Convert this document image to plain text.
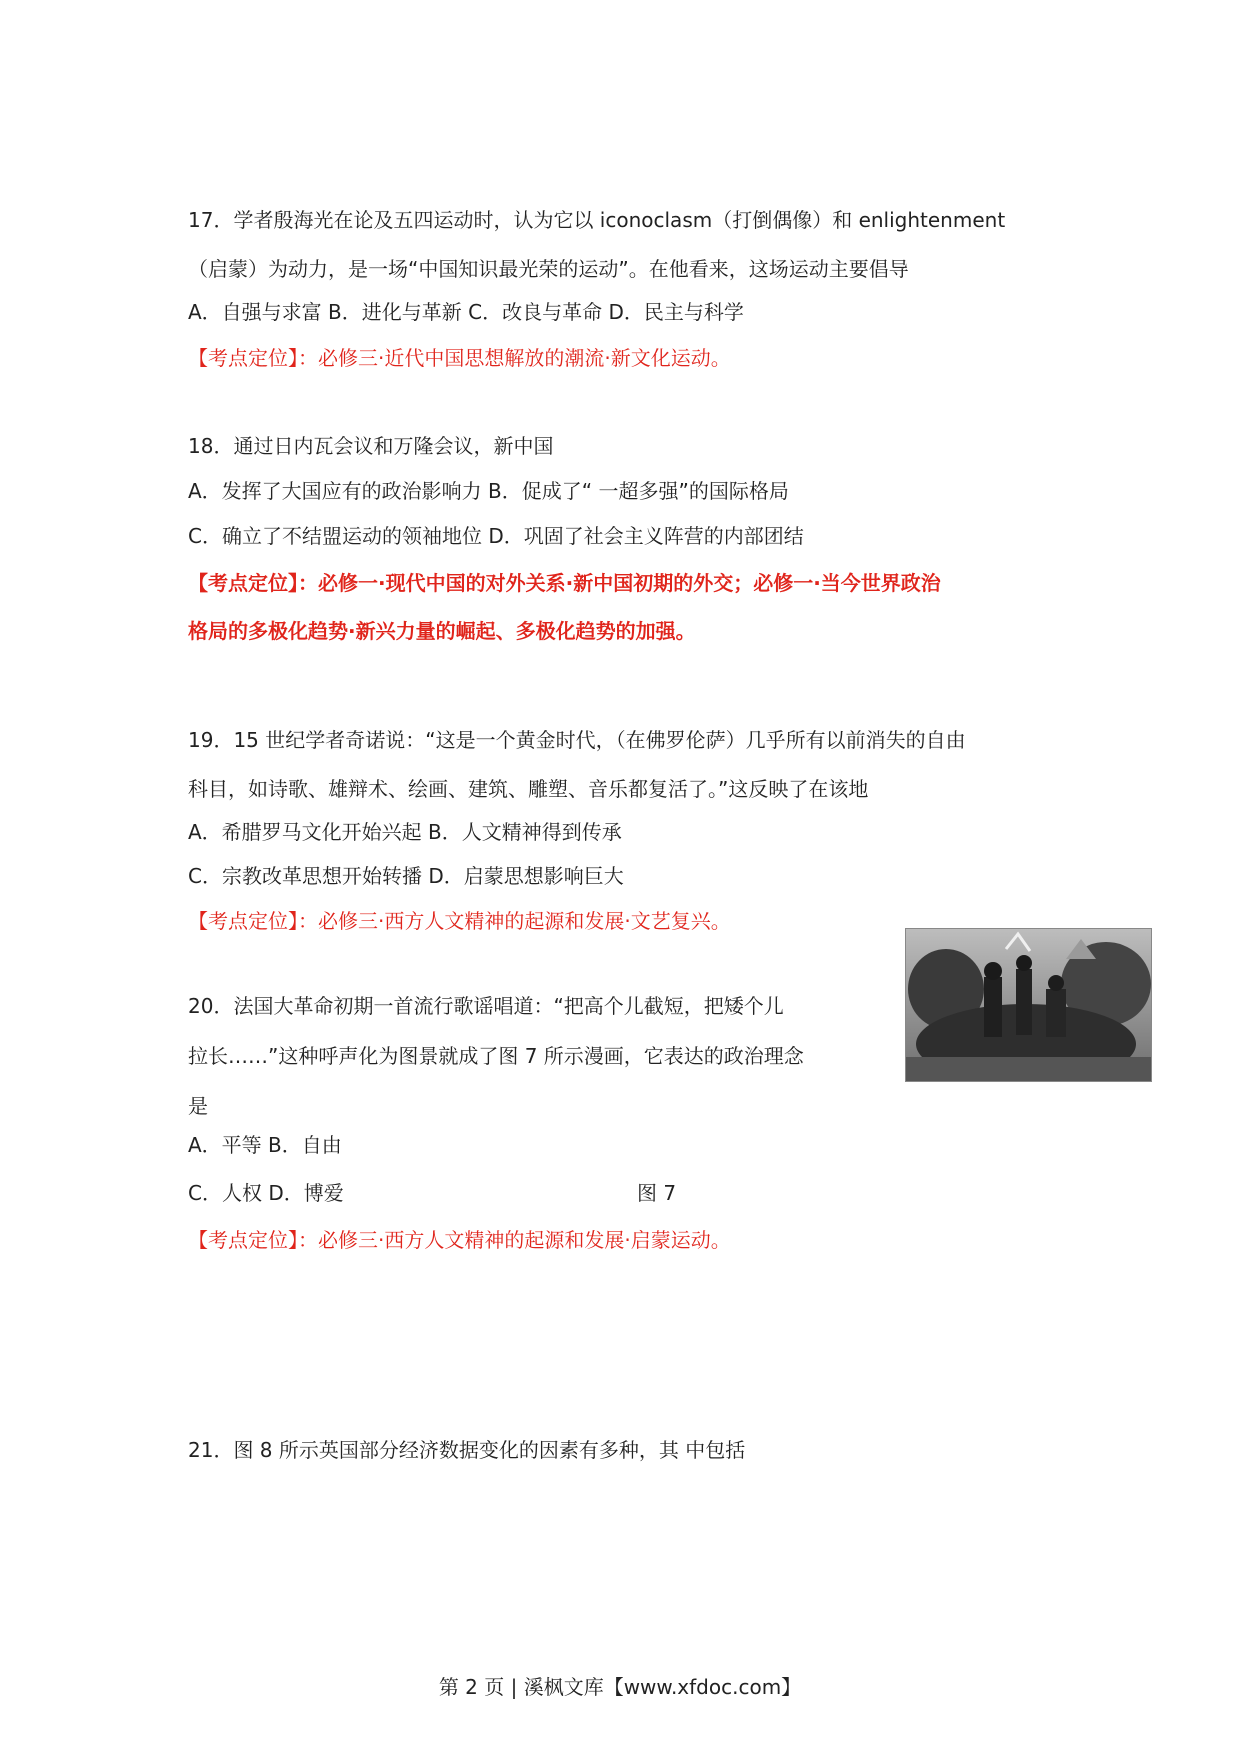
17．学者殷海光在论及五四运动时，认为它以 iconoclasm（打倒偶像）和 enlightenment
（启蒙）为动力，是一场“中国知识最光荣的运动”。在他看来，这场运动主要倡导
A．自强与求富 B．进化与革新 C．改良与革命 D．民主与科学
【考点定位】：必修三·近代中国思想解放的潮流·新文化运动。
18．通过日内瓦会议和万隆会议，新中国
A．发挥了大国应有的政治影响力 B．促成了“ 一超多强”的国际格局
C．确立了不结盟运动的领袖地位 D．巩固了社会主义阵营的内部团结
【考点定位】：必修一·现代中国的对外关系·新中国初期的外交；必修一·当今世界政治
格局的多极化趋势·新兴力量的崛起、多极化趋势的加强。
19．15 世纪学者奇诺说：“这是一个黄金时代，（在佛罗伦萨）几乎所有以前消失的自由
科目，如诗歌、雄辩术、绘画、建筑、雕塑、音乐都复活了。”这反映了在该地
A．希腊罗马文化开始兴起 B．人文精神得到传承
C．宗教改革思想开始转播 D．启蒙思想影响巨大
【考点定位】：必修三·西方人文精神的起源和发展·文艺复兴。
20．法国大革命初期一首流行歌谣唱道：“把高个儿截短，把矮个儿
拉长……”这种呼声化为图景就成了图 7 所示漫画，它表达的政治理念
是
A．平等 B．自由
C．人权 D．博爱	图 7
【考点定位】：必修三·西方人文精神的起源和发展·启蒙运动。
21．图 8 所示英国部分经济数据变化的因素有多种，其 中包括
第 2 页 | 溪枫文库【www.xfdoc.com】
